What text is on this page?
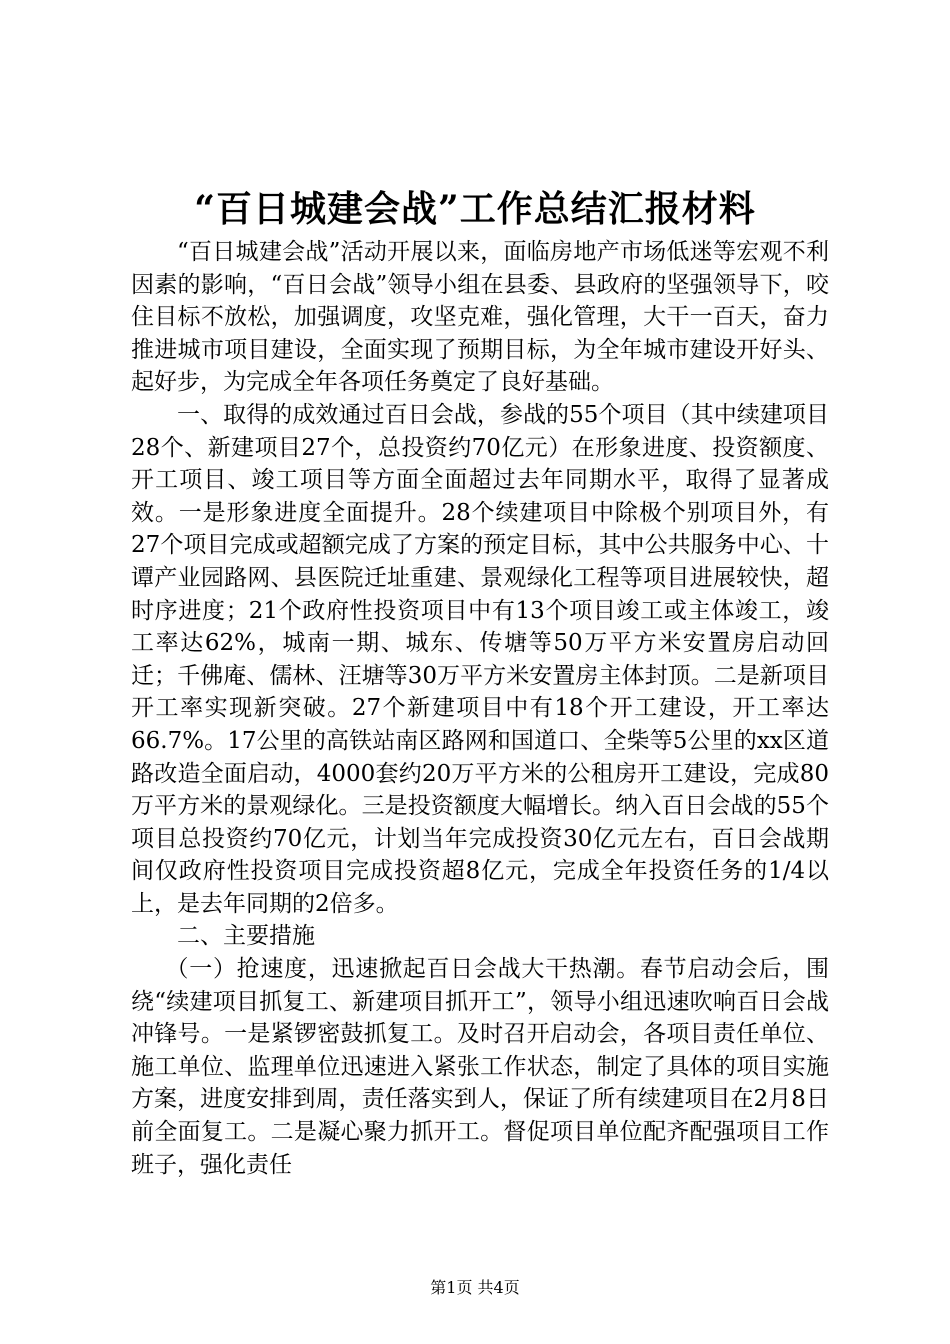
“百日城建会战”工作总结汇报材料

“百日城建会战”活动开展以来，面临房地产市场低迷等宏观不利因素的影响，“百日会战”领导小组在县委、县政府的坚强领导下，咬住目标不放松，加强调度，攻坚克难，强化管理，大干一百天，奋力推进城市项目建设，全面实现了预期目标，为全年城市建设开好头、起好步，为完成全年各项任务奠定了良好基础。

一、取得的成效通过百日会战，参战的55个项目（其中续建项目28个、新建项目27个，总投资约70亿元）在形象进度、投资额度、开工项目、竣工项目等方面全面超过去年同期水平，取得了显著成效。一是形象进度全面提升。28个续建项目中除极个别项目外，有27个项目完成或超额完成了方案的预定目标，其中公共服务中心、十谭产业园路网、县医院迁址重建、景观绿化工程等项目进展较快，超时序进度；21个政府性投资项目中有13个项目竣工或主体竣工，竣工率达62%，城南一期、城东、传塘等50万平方米安置房启动回迁；千佛庵、儒林、汪塘等30万平方米安置房主体封顶。二是新项目开工率实现新突破。27个新建项目中有18个开工建设，开工率达66.7%。17公里的高铁站南区路网和国道口、全柴等5公里的xx区道路改造全面启动，4000套约20万平方米的公租房开工建设，完成80万平方米的景观绿化。三是投资额度大幅增长。纳入百日会战的55个项目总投资约70亿元，计划当年完成投资30亿元左右，百日会战期间仅政府性投资项目完成投资超8亿元，完成全年投资任务的1/4以上，是去年同期的2倍多。

二、主要措施

（一）抢速度，迅速掀起百日会战大干热潮。春节启动会后，围绕“续建项目抓复工、新建项目抓开工”，领导小组迅速吹响百日会战冲锋号。一是紧锣密鼓抓复工。及时召开启动会，各项目责任单位、施工单位、监理单位迅速进入紧张工作状态，制定了具体的项目实施方案，进度安排到周，责任落实到人，保证了所有续建项目在2月8日前全面复工。二是凝心聚力抓开工。督促项目单位配齐配强项目工作班子，强化责任

第1页 共4页
